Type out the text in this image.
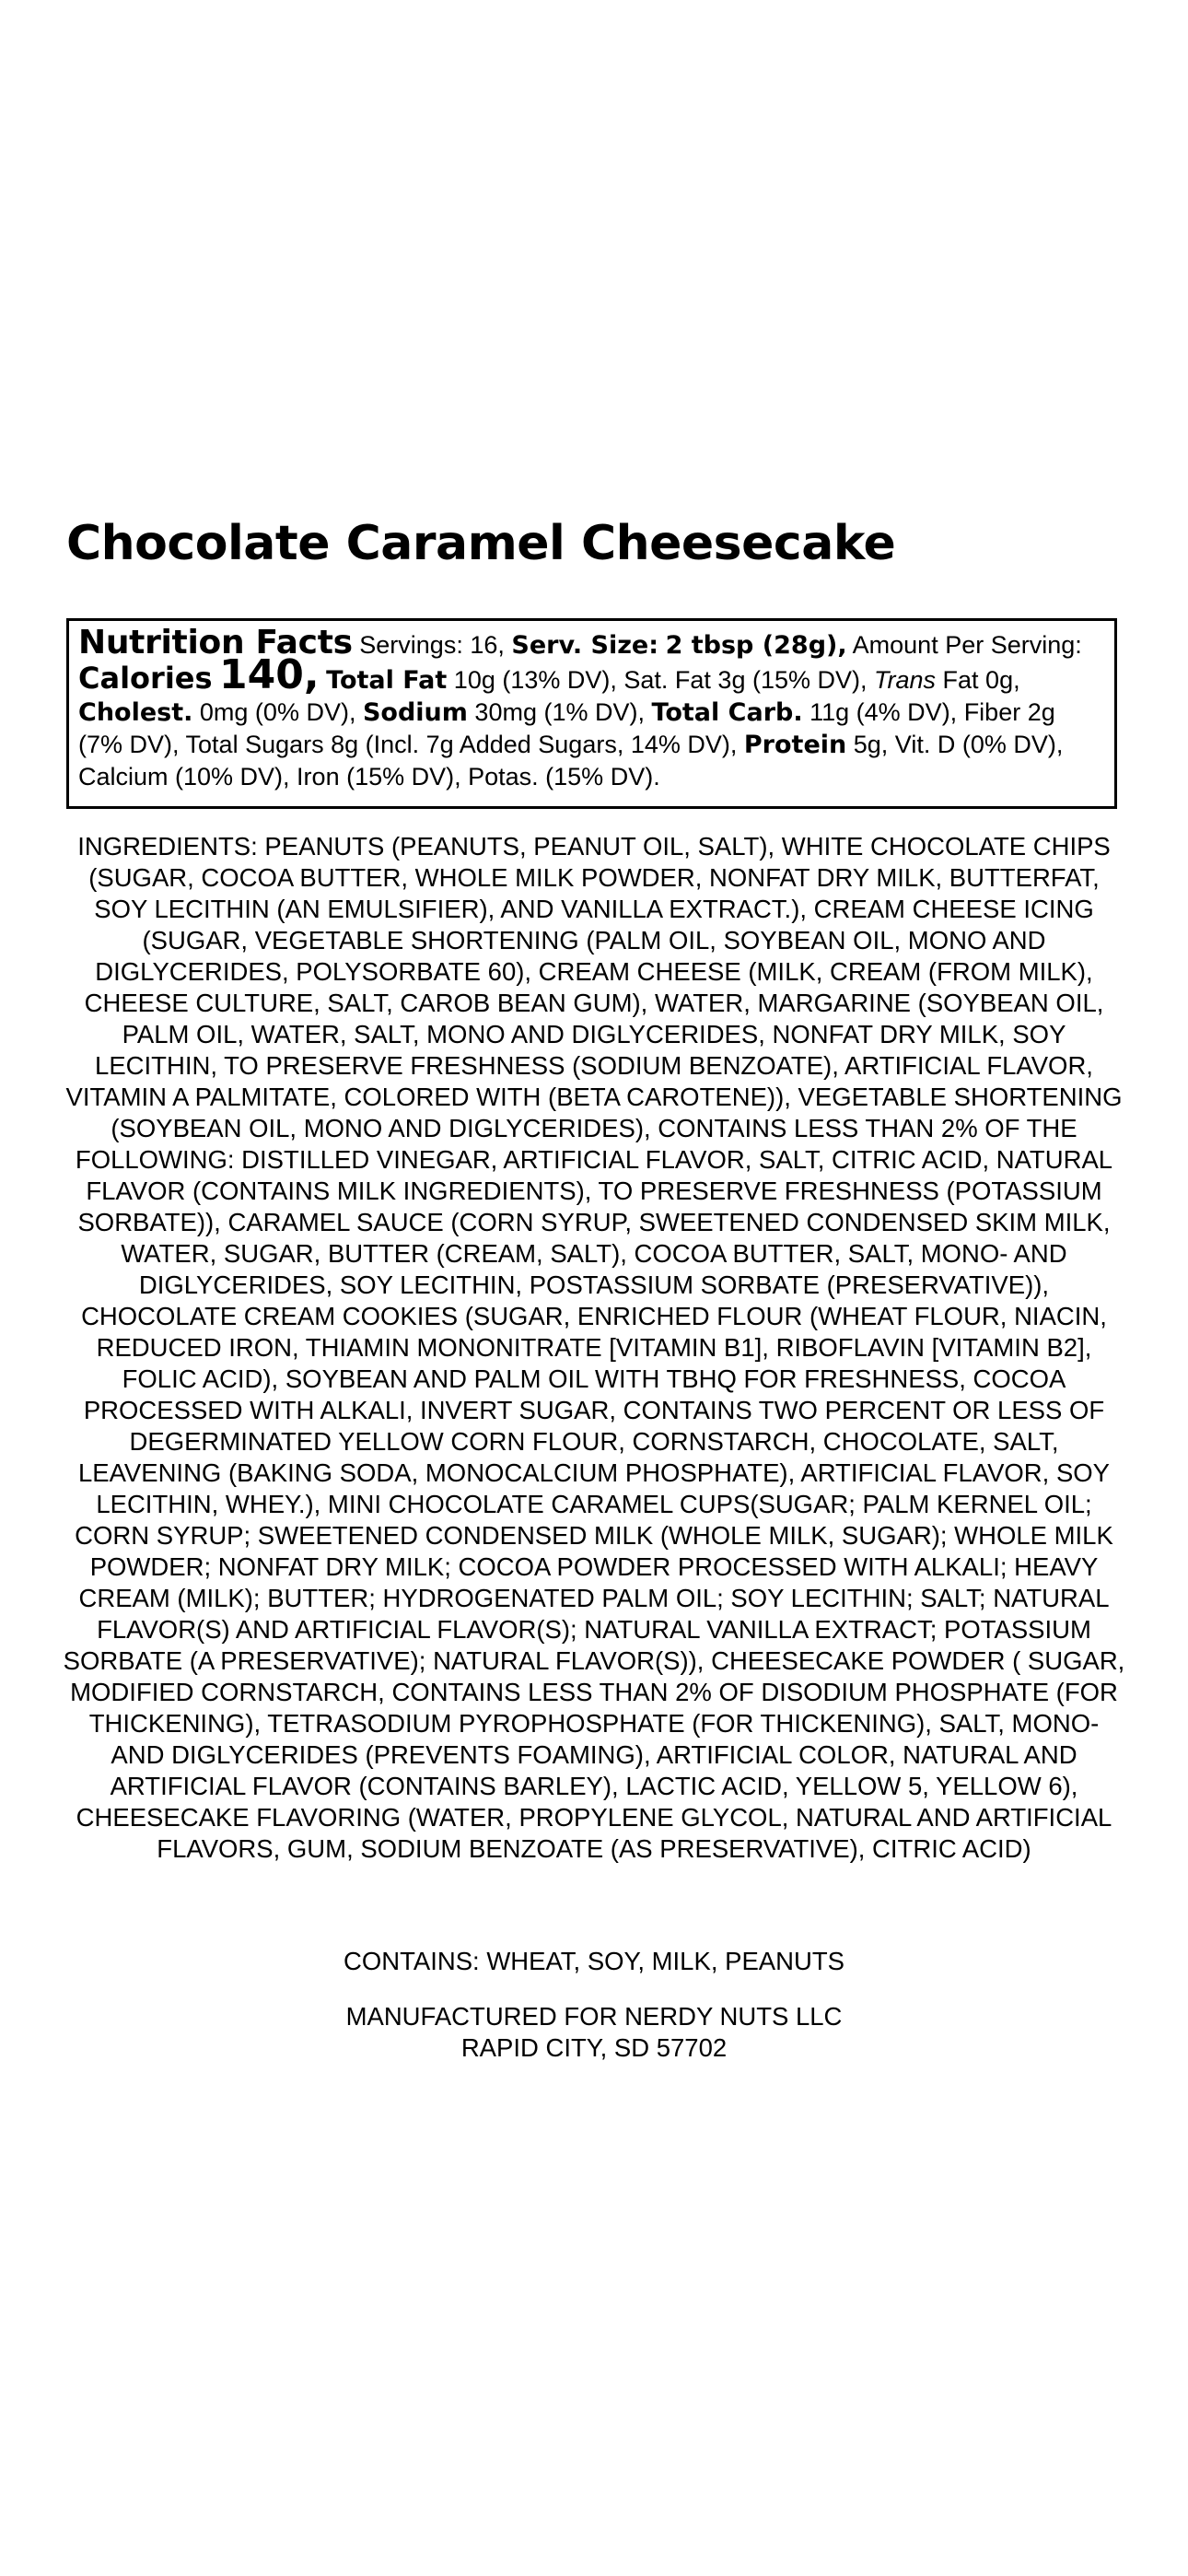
Chocolate Caramel Cheesecake
Nutrition Facts Servings: 16, Serv. Size: 2 tbsp (28g), Amount Per Serving: Calories 140, Total Fat 10g (13% DV), Sat. Fat 3g (15% DV), Trans Fat 0g, Cholest. 0mg (0% DV), Sodium 30mg (1% DV), Total Carb. 11g (4% DV), Fiber 2g (7% DV), Total Sugars 8g (Incl. 7g Added Sugars, 14% DV), Protein 5g, Vit. D (0% DV), Calcium (10% DV), Iron (15% DV), Potas. (15% DV).

INGREDIENTS: PEANUTS (PEANUTS, PEANUT OIL, SALT), WHITE CHOCOLATE CHIPS (SUGAR, COCOA BUTTER, WHOLE MILK POWDER, NONFAT DRY MILK, BUTTERFAT, SOY LECITHIN (AN EMULSIFIER), AND VANILLA EXTRACT.), CREAM CHEESE ICING (SUGAR, VEGETABLE SHORTENING (PALM OIL, SOYBEAN OIL, MONO AND DIGLYCERIDES, POLYSORBATE 60), CREAM CHEESE (MILK, CREAM (FROM MILK), CHEESE CULTURE, SALT, CAROB BEAN GUM), WATER, MARGARINE (SOYBEAN OIL, PALM OIL, WATER, SALT, MONO AND DIGLYCERIDES, NONFAT DRY MILK, SOY LECITHIN, TO PRESERVE FRESHNESS (SODIUM BENZOATE), ARTIFICIAL FLAVOR, VITAMIN A PALMITATE, COLORED WITH (BETA CAROTENE)), VEGETABLE SHORTENING (SOYBEAN OIL, MONO AND DIGLYCERIDES), CONTAINS LESS THAN 2% OF THE FOLLOWING: DISTILLED VINEGAR, ARTIFICIAL FLAVOR, SALT, CITRIC ACID, NATURAL FLAVOR (CONTAINS MILK INGREDIENTS), TO PRESERVE FRESHNESS (POTASSIUM SORBATE)), CARAMEL SAUCE (CORN SYRUP, SWEETENED CONDENSED SKIM MILK, WATER, SUGAR, BUTTER (CREAM, SALT), COCOA BUTTER, SALT, MONO- AND DIGLYCERIDES, SOY LECITHIN, POSTASSIUM SORBATE (PRESERVATIVE)), CHOCOLATE CREAM COOKIES (SUGAR, ENRICHED FLOUR (WHEAT FLOUR, NIACIN, REDUCED IRON, THIAMIN MONONITRATE [VITAMIN B1], RIBOFLAVIN [VITAMIN B2], FOLIC ACID), SOYBEAN AND PALM OIL WITH TBHQ FOR FRESHNESS, COCOA PROCESSED WITH ALKALI, INVERT SUGAR, CONTAINS TWO PERCENT OR LESS OF DEGERMINATED YELLOW CORN FLOUR, CORNSTARCH, CHOCOLATE, SALT, LEAVENING (BAKING SODA, MONOCALCIUM PHOSPHATE), ARTIFICIAL FLAVOR, SOY LECITHIN, WHEY.), MINI CHOCOLATE CARAMEL CUPS(SUGAR; PALM KERNEL OIL; CORN SYRUP; SWEETENED CONDENSED MILK (WHOLE MILK, SUGAR); WHOLE MILK POWDER; NONFAT DRY MILK; COCOA POWDER PROCESSED WITH ALKALI; HEAVY CREAM (MILK); BUTTER; HYDROGENATED PALM OIL; SOY LECITHIN; SALT; NATURAL FLAVOR(S) AND ARTIFICIAL FLAVOR(S); NATURAL VANILLA EXTRACT; POTASSIUM SORBATE (A PRESERVATIVE); NATURAL FLAVOR(S)), CHEESECAKE POWDER ( SUGAR, MODIFIED CORNSTARCH, CONTAINS LESS THAN 2% OF DISODIUM PHOSPHATE (FOR THICKENING), TETRASODIUM PYROPHOSPHATE (FOR THICKENING), SALT, MONO- AND DIGLYCERIDES (PREVENTS FOAMING), ARTIFICIAL COLOR, NATURAL AND ARTIFICIAL FLAVOR (CONTAINS BARLEY), LACTIC ACID, YELLOW 5, YELLOW 6), CHEESECAKE FLAVORING (WATER, PROPYLENE GLYCOL, NATURAL AND ARTIFICIAL FLAVORS, GUM, SODIUM BENZOATE (AS PRESERVATIVE), CITRIC ACID)

CONTAINS: WHEAT, SOY, MILK, PEANUTS

MANUFACTURED FOR NERDY NUTS LLC
RAPID CITY, SD 57702
